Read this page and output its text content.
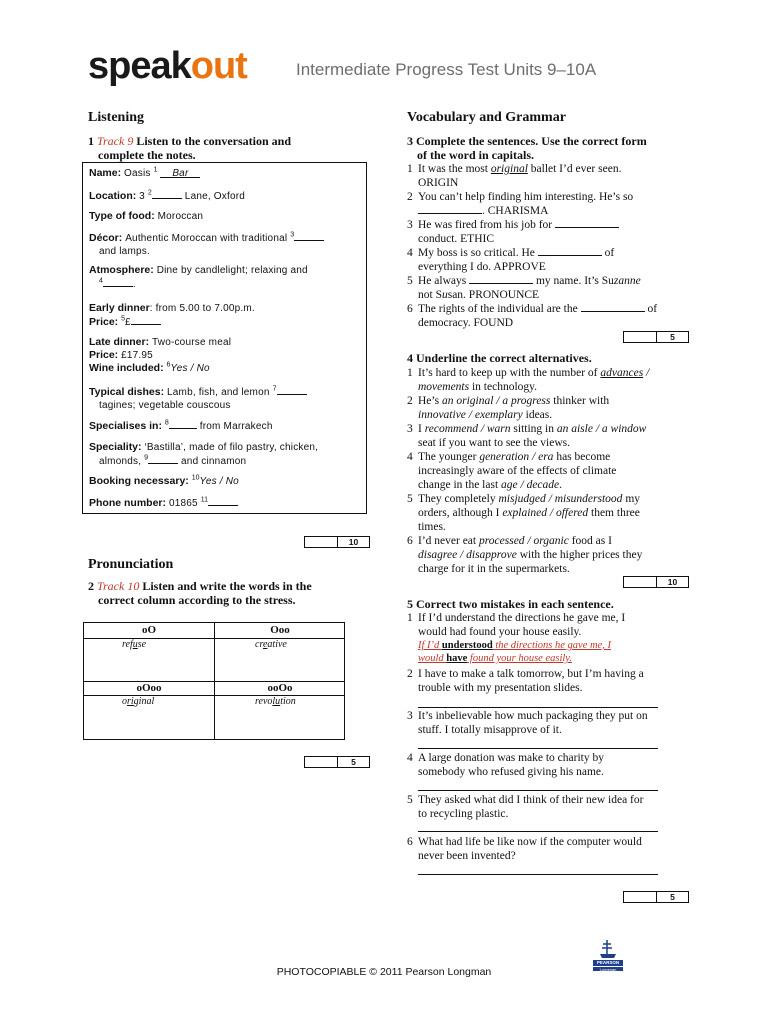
speakout	Intermediate Progress Test Units 9–10A
Listening
1 Track 9 Listen to the conversation and
complete the notes.
Name: Oasis $^1$ Bar
Location: 3 $^2$	Lane, Oxford
Type of food: Moroccan
Décor: Authentic Moroccan with traditional $^3$
and lamps.
Atmosphere: Dine by candlelight; relaxing and
$^4$	.
Early dinner: from 5.00 to 7.00p.m.
Price: $^5$£
Late dinner: Two-course meal
Price: £17.95
Wine included: $^6$Yes / No
Typical dishes: Lamb, fish, and lemon $^7$
tagines; vegetable couscous
Specialises in: $^8$	from Marrakech
Speciality: ‘Bastilla’, made of filo pastry, chicken,
almonds, $^9$	and cinnamon
Booking necessary: $^{10}$Yes / No
Phone number: 01865 $^{11}$
10
Pronunciation
2 Track 10 Listen and write the words in the
correct column according to the stress.
oO	Ooo
refuse	creative
oOoo	ooOo
original	revolution
5
Vocabulary and Grammar
3 Complete the sentences. Use the correct form
of the word in capitals.
1 It was the most original ballet I’d ever seen.
ORIGIN
2 You can’t help finding him interesting. He’s so
. CHARISMA
3 He was fired from his job for
conduct. ETHIC
4 My boss is so critical. He	of
everything I do. APPROVE
5 He always	my name. It’s Suzanne
not Susan. PRONOUNCE
6 The rights of the individual are the	of
democracy. FOUND
5
4 Underline the correct alternatives.
1 It’s hard to keep up with the number of advances /
movements in technology.
2 He’s an original / a progress thinker with
innovative / exemplary ideas.
3 I recommend / warn sitting in an aisle / a window
seat if you want to see the views.
4 The younger generation / era has become
increasingly aware of the effects of climate
change in the last age / decade.
5 They completely misjudged / misunderstood my
orders, although I explained / offered them three
times.
6 I’d never eat processed / organic food as I
disagree / disapprove with the higher prices they
charge for it in the supermarkets.
10
5 Correct two mistakes in each sentence.
1 If I’d understand the directions he gave me, I
would had found your house easily.
If I’d understood the directions he gave me, I
would have found your house easily.
2 I have to make a talk tomorrow, but I’m having a
trouble with my presentation slides.
3 It’s inbelievable how much packaging they put on
stuff. I totally misapprove of it.
4 A large donation was make to charity by
somebody who refused giving his name.
5 They asked what did I think of their new idea for
to recycling plastic.
6 What had life be like now if the computer would
never been invented?
5
PEARSON
Longman
PHOTOCOPIABLE © 2011 Pearson Longman
